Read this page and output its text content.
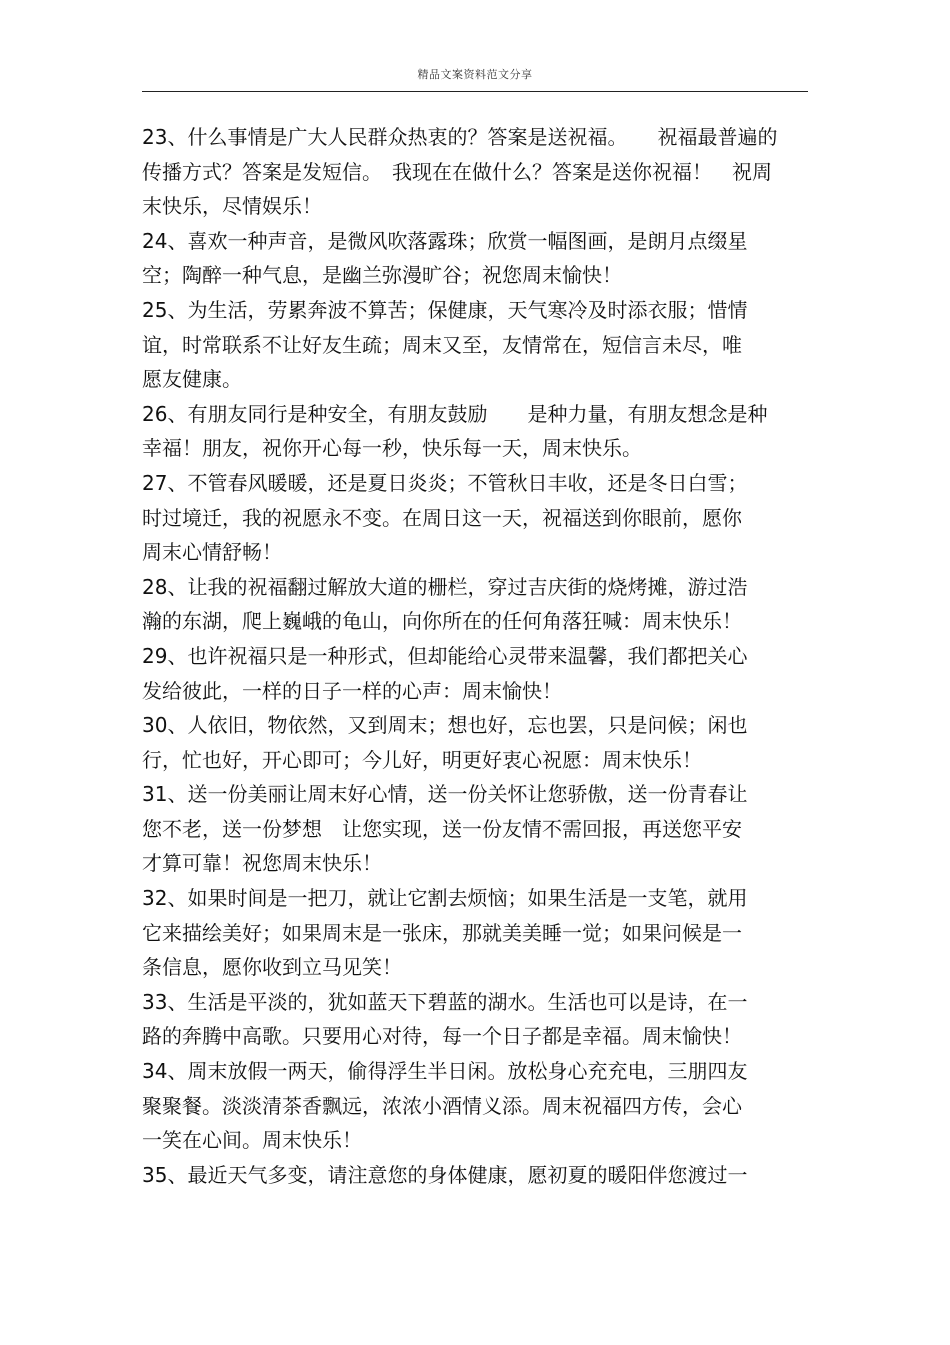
精品文案资料范文分享
23、什么事情是广大人民群众热衷的？答案是送祝福。　　祝福最普遍的
传播方式？答案是发短信。　我现在在做什么？答案是送你祝福！　祝周
末快乐，尽情娱乐！
24、喜欢一种声音，是微风吹落露珠；欣赏一幅图画，是朗月点缀星
空；陶醉一种气息，是幽兰弥漫旷谷；祝您周末愉快！
25、为生活，劳累奔波不算苦；保健康，天气寒冷及时添衣服；惜情
谊，时常联系不让好友生疏；周末又至，友情常在，短信言未尽，唯
愿友健康。
26、有朋友同行是种安全，有朋友鼓励　　是种力量，有朋友想念是种
幸福！朋友，祝你开心每一秒，快乐每一天，周末快乐。
27、不管春风暖暖，还是夏日炎炎；不管秋日丰收，还是冬日白雪；
时过境迁，我的祝愿永不变。在周日这一天，祝福送到你眼前，愿你
周末心情舒畅！
28、让我的祝福翻过解放大道的栅栏，穿过吉庆街的烧烤摊，游过浩
瀚的东湖，爬上巍峨的龟山，向你所在的任何角落狂喊：周末快乐！
29、也许祝福只是一种形式，但却能给心灵带来温馨，我们都把关心
发给彼此，一样的日子一样的心声：周末愉快！
30、人依旧，物依然，又到周末；想也好，忘也罢，只是问候；闲也
行，忙也好，开心即可；今儿好，明更好衷心祝愿：周末快乐！
31、送一份美丽让周末好心情，送一份关怀让您骄傲，送一份青春让
您不老，送一份梦想　让您实现，送一份友情不需回报，再送您平安
才算可靠！祝您周末快乐！
32、如果时间是一把刀，就让它割去烦恼；如果生活是一支笔，就用
它来描绘美好；如果周末是一张床，那就美美睡一觉；如果问候是一
条信息，愿你收到立马见笑！
33、生活是平淡的，犹如蓝天下碧蓝的湖水。生活也可以是诗，在一
路的奔腾中高歌。只要用心对待，每一个日子都是幸福。周末愉快！
34、周末放假一两天，偷得浮生半日闲。放松身心充充电，三朋四友
聚聚餐。淡淡清茶香飘远，浓浓小酒情义添。周末祝福四方传，会心
一笑在心间。周末快乐！
35、最近天气多变，请注意您的身体健康，愿初夏的暖阳伴您渡过一
